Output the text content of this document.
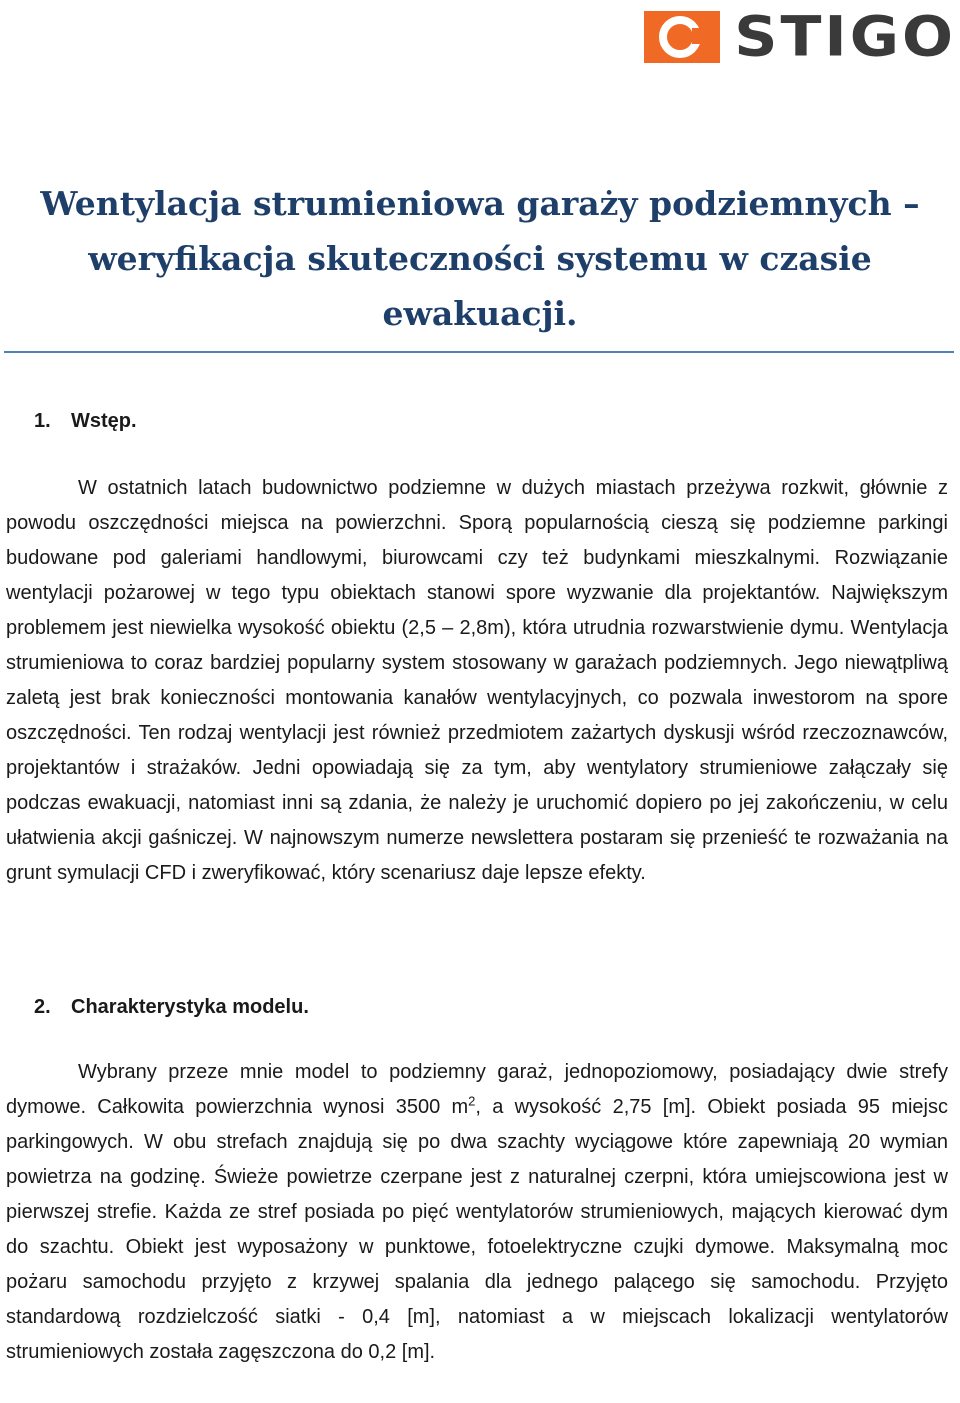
STIGO
Wentylacja strumieniowa garaży podziemnych – weryfikacja skuteczności systemu w czasie ewakuacji.
1. Wstęp.

W ostatnich latach budownictwo podziemne w dużych miastach przeżywa rozkwit, głównie z powodu oszczędności miejsca na powierzchni. Sporą popularnością cieszą się podziemne parkingi budowane pod galeriami handlowymi, biurowcami czy też budynkami mieszkalnymi. Rozwiązanie wentylacji pożarowej w tego typu obiektach stanowi spore wyzwanie dla projektantów. Największym problemem jest niewielka wysokość obiektu (2,5 – 2,8m), która utrudnia rozwarstwienie dymu. Wentylacja strumieniowa to coraz bardziej popularny system stosowany w garażach podziemnych. Jego niewątpliwą zaletą jest brak konieczności montowania kanałów wentylacyjnych, co pozwala inwestorom na spore oszczędności. Ten rodzaj wentylacji jest również przedmiotem zażartych dyskusji wśród rzeczoznawców, projektantów i strażaków. Jedni opowiadają się za tym, aby wentylatory strumieniowe załączały się podczas ewakuacji, natomiast inni są zdania, że należy je uruchomić dopiero po jej zakończeniu, w celu ułatwienia akcji gaśniczej. W najnowszym numerze newslettera postaram się przenieść te rozważania na grunt symulacji CFD i zweryfikować, który scenariusz daje lepsze efekty.

2. Charakterystyka modelu.

Wybrany przeze mnie model to podziemny garaż, jednopoziomowy, posiadający dwie strefy dymowe. Całkowita powierzchnia wynosi 3500 $m^2$, a wysokość 2,75 [m]. Obiekt posiada 95 miejsc parkingowych. W obu strefach znajdują się po dwa szachty wyciągowe które zapewniają 20 wymian powietrza na godzinę. Świeże powietrze czerpane jest z naturalnej czerpni, która umiejscowiona jest w pierwszej strefie. Każda ze stref posiada po pięć wentylatorów strumieniowych, mających kierować dym do szachtu. Obiekt jest wyposażony w punktowe, fotoelektryczne czujki dymowe. Maksymalną moc pożaru samochodu przyjęto z krzywej spalania dla jednego palącego się samochodu. Przyjęto standardową rozdzielczość siatki - 0,4 [m], natomiast a w miejscach lokalizacji wentylatorów strumieniowych została zagęszczona do 0,2 [m].
